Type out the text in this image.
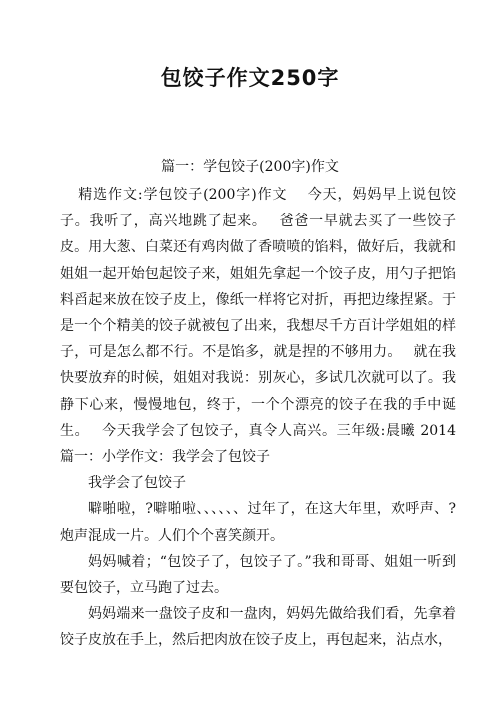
包饺子作文250字
篇一：学包饺子(200字)作文

精选作文:学包饺子(200字)作文　 今天，妈妈早上说包饺子。我听了，高兴地跳了起来。　 爸爸一早就去买了一些饺子皮。用大葱、白菜还有鸡肉做了香喷喷的馅料，做好后，我就和姐姐一起开始包起饺子来，姐姐先拿起一个饺子皮，用勺子把馅料舀起来放在饺子皮上，像纸一样将它对折，再把边缘捏紧。于是一个个精美的饺子就被包了出来，我想尽千方百计学姐姐的样子，可是怎么都不行。不是馅多，就是捏的不够用力。　 就在我快要放弃的时候，姐姐对我说：别灰心，多试几次就可以了。我静下心来，慢慢地包，终于，一个个漂亮的饺子在我的手中诞生。　 今天我学会了包饺子，真令人高兴。三年级:晨曦 2014　篇一：小学作文：我学会了包饺子

我学会了包饺子

噼啪啦，?噼啪啦、、、、、、过年了，在这大年里，欢呼声、?炮声混成一片。人们个个喜笑颜开。

妈妈喊着；“包饺子了，包饺子了。”我和哥哥、姐姐一听到要包饺子，立马跑了过去。

妈妈端来一盘饺子皮和一盘肉，妈妈先做给我们看，先拿着饺子皮放在手上，然后把肉放在饺子皮上，再包起来，沾点水，
